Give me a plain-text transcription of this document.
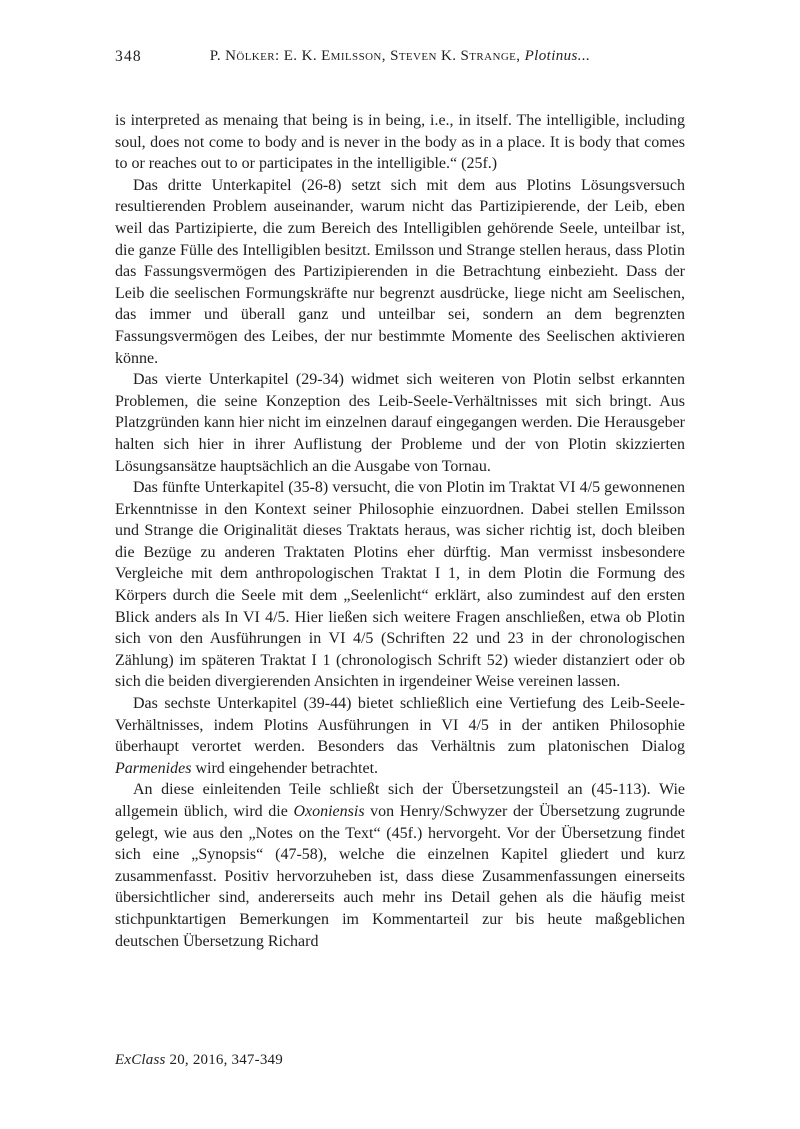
348	P. Nölker: E. K. Emilsson, Steven K. Strange, Plotinus...

is interpreted as menaing that being is in being, i.e., in itself. The intelligible, including soul, does not come to body and is never in the body as in a place. It is body that comes to or reaches out to or participates in the intelligible.“ (25f.)

Das dritte Unterkapitel (26-8) setzt sich mit dem aus Plotins Lösungsversuch resultierenden Problem auseinander, warum nicht das Partizipierende, der Leib, eben weil das Partizipierte, die zum Bereich des Intelligiblen gehörende Seele, unteilbar ist, die ganze Fülle des Intelligiblen besitzt. Emilsson und Strange stellen heraus, dass Plotin das Fassungsvermögen des Partizipierenden in die Betrachtung einbezieht. Dass der Leib die seelischen Formungskräfte nur begrenzt ausdrücke, liege nicht am Seelischen, das immer und überall ganz und unteilbar sei, sondern an dem begrenzten Fassungsvermögen des Leibes, der nur bestimmte Momente des Seelischen aktivieren könne.

Das vierte Unterkapitel (29-34) widmet sich weiteren von Plotin selbst erkannten Problemen, die seine Konzeption des Leib-Seele-Verhältnisses mit sich bringt. Aus Platzgründen kann hier nicht im einzelnen darauf eingegangen werden. Die Herausgeber halten sich hier in ihrer Auflistung der Probleme und der von Plotin skizzierten Lösungsansätze hauptsächlich an die Ausgabe von Tornau.

Das fünfte Unterkapitel (35-8) versucht, die von Plotin im Traktat VI 4/5 gewonnenen Erkenntnisse in den Kontext seiner Philosophie einzuordnen. Dabei stellen Emilsson und Strange die Originalität dieses Traktats heraus, was sicher richtig ist, doch bleiben die Bezüge zu anderen Traktaten Plotins eher dürftig. Man vermisst insbesondere Vergleiche mit dem anthropologischen Traktat I 1, in dem Plotin die Formung des Körpers durch die Seele mit dem „Seelenlicht“ erklärt, also zumindest auf den ersten Blick anders als In VI 4/5. Hier ließen sich weitere Fragen anschließen, etwa ob Plotin sich von den Ausführungen in VI 4/5 (Schriften 22 und 23 in der chronologischen Zählung) im späteren Traktat I 1 (chronologisch Schrift 52) wieder distanziert oder ob sich die beiden divergierenden Ansichten in irgendeiner Weise vereinen lassen.

Das sechste Unterkapitel (39-44) bietet schließlich eine Vertiefung des Leib-Seele-Verhältnisses, indem Plotins Ausführungen in VI 4/5 in der antiken Philosophie überhaupt verortet werden. Besonders das Verhältnis zum platonischen Dialog Parmenides wird eingehender betrachtet.

An diese einleitenden Teile schließt sich der Übersetzungsteil an (45-113). Wie allgemein üblich, wird die Oxoniensis von Henry/Schwyzer der Übersetzung zugrunde gelegt, wie aus den „Notes on the Text“ (45f.) hervorgeht. Vor der Übersetzung findet sich eine „Synopsis“ (47-58), welche die einzelnen Kapitel gliedert und kurz zusammenfasst. Positiv hervorzuheben ist, dass diese Zusammenfassungen einerseits übersichtlicher sind, andererseits auch mehr ins Detail gehen als die häufig meist stichpunktartigen Bemerkungen im Kommentarteil zur bis heute maßgeblichen deutschen Übersetzung Richard

ExClass 20, 2016, 347-349
